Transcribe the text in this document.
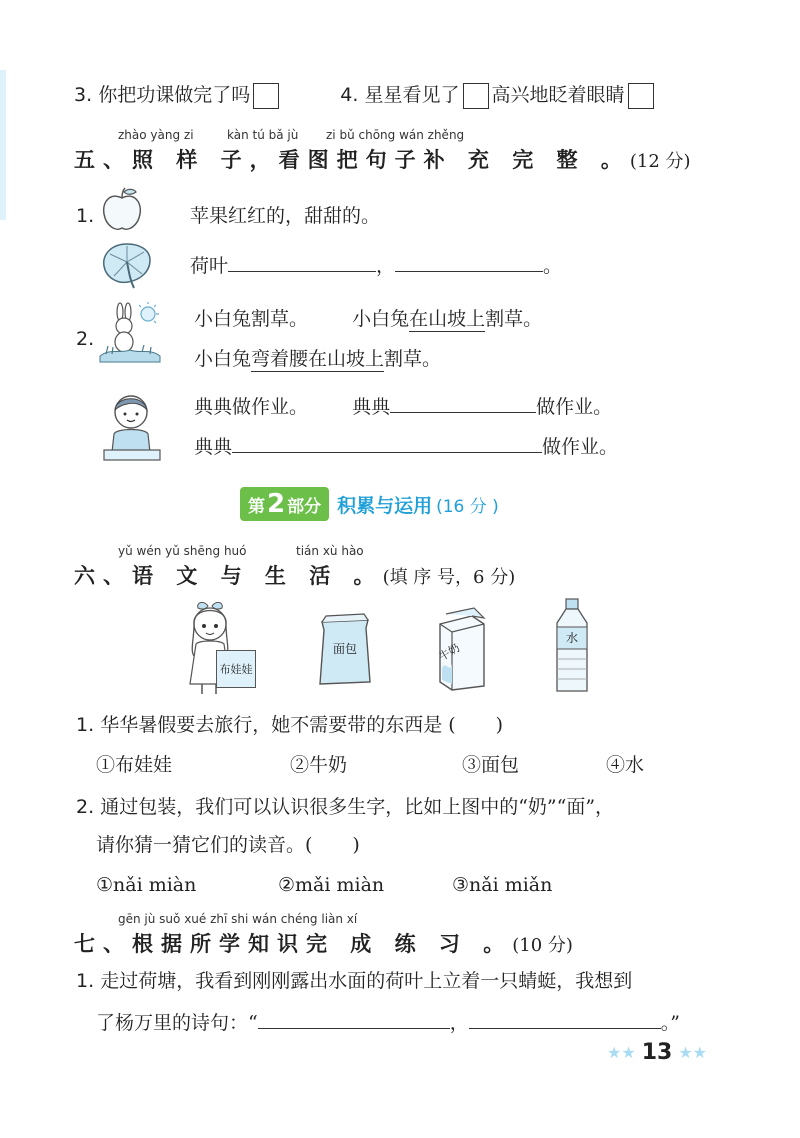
3. 你把功课做完了吗	4. 星星看见了 高兴地眨着眼睛
zhào yàng zi	kàn tú bǎ jù zi bǔ chōng wán zhěng
五、照 样 子，看图把句子补 充 完 整 。(12 分)
1.	苹果红红的，甜甜的。
荷叶	，	。
2.
小白兔割草。 小白兔在山坡上割草。
小白兔弯着腰在山坡上割草。
典典做作业。 典典	做作业。
典典	做作业。
第 2 部分 积累与运用 (16 分 )
yǔ wén yǔ shēng huó	tián xù hào
六、语 文 与 生 活 。(填 序 号，6 分)
布娃娃
面包	牛奶
水
1. 华华暑假要去旅行，她不需要带的东西是 ( )
①布娃娃	②牛奶	③面包	④水
2. 通过包装，我们可以认识很多生字，比如上图中的“奶”“面”，
请你猜一猜它们的读音。( )
①nǎi miàn	②mǎi miàn	③nǎi miǎn
gēn jù suǒ xué zhī shi wán chéng liàn xí
七、根据所学知识完 成 练 习 。(10 分)
1. 走过荷塘，我看到刚刚露出水面的荷叶上立着一只蜻蜓，我想到
了杨万里的诗句：“	，	。”
★ ★ 13 ★ ★
